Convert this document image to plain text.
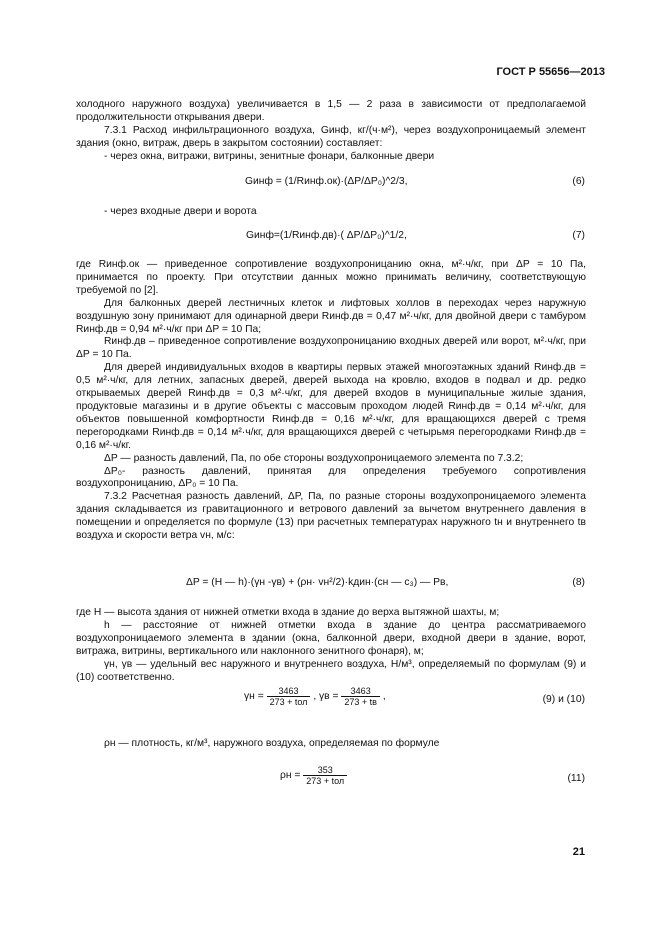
ГОСТ Р 55656—2013

холодного наружного воздуха) увеличивается в 1,5 — 2 раза в зависимости от предполагаемой продолжительности открывания двери.

7.3.1 Расход инфильтрационного воздуха, Gинф, кг/(ч·м²), через воздухопроницаемый элемент здания (окно, витраж, дверь в закрытом состоянии) составляет:

- через окна, витражи, витрины, зенитные фонари, балконные двери

Gинф = (1/Rинф.ок)·(ΔP/ΔP₀)^2/3,	(6)

- через входные двери и ворота

Gинф=(1/Rинф.дв)·( ΔP/ΔP₀)^1/2,	(7)

где Rинф.ок — приведенное сопротивление воздухопроницанию окна, м²·ч/кг, при ΔP = 10 Па, принимается по проекту. При отсутствии данных можно принимать величину, соответствующую требуемой по [2].

Для балконных дверей лестничных клеток и лифтовых холлов в переходах через наружную воздушную зону принимают для одинарной двери Rинф.дв = 0,47 м²·ч/кг, для двойной двери с тамбуром Rинф.дв = 0,94 м²·ч/кг при ΔP = 10 Па;

Rинф.дв – приведенное сопротивление воздухопроницанию входных дверей или ворот, м²·ч/кг, при ΔP = 10 Па.

Для дверей индивидуальных входов в квартиры первых этажей многоэтажных зданий Rинф.дв = 0,5 м²·ч/кг, для летних, запасных дверей, дверей выхода на кровлю, входов в подвал и др. редко открываемых дверей Rинф.дв = 0,3 м²·ч/кг, для дверей входов в муниципальные жилые здания, продуктовые магазины и в другие объекты с массовым проходом людей Rинф.дв = 0,14 м²·ч/кг, для объектов повышенной комфортности Rинф.дв = 0,16 м²·ч/кг, для вращающихся дверей с тремя перегородками Rинф.дв = 0,14 м²·ч/кг, для вращающихся дверей с четырьмя перегородками Rинф.дв = 0,16 м²·ч/кг.

ΔP — разность давлений, Па, по обе стороны воздухопроницаемого элемента по 7.3.2;

ΔP₀- разность давлений, принятая для определения требуемого сопротивления воздухопроницанию, ΔP₀ = 10 Па.

7.3.2 Расчетная разность давлений, ΔP, Па, по разные стороны воздухопроницаемого элемента здания складывается из гравитационного и ветрового давлений за вычетом внутреннего давления в помещении и определяется по формуле (13) при расчетных температурах наружного tн и внутреннего tв воздуха и скорости ветра vн, м/с:

ΔP = (H — h)·(γн -γв) + (ρн· vн²/2)·kдин·(сн — с₃) — Pв,	(8)

где H — высота здания от нижней отметки входа в здание до верха вытяжной шахты, м;

h — расстояние от нижней отметки входа в здание до центра рассматриваемого воздухопроницаемого элемента в здании (окна, балконной двери, входной двери в здание, ворот, витража, витрины, вертикального или наклонного зенитного фонаря), м;

γн, γв — удельный вес наружного и внутреннего воздуха, Н/м³, определяемый по формулам (9) и (10) соответственно.

$\gamma н = \frac{3463}{\text{273 + tол}}$ , $\gamma в = \frac{3463}{273 + tв}$ ,	(9) и (10)

ρн — плотность, кг/м³, наружного воздуха, определяемая по формуле

$\rho н = \frac{353}{\text{273 + tол}}$	(11)
21
